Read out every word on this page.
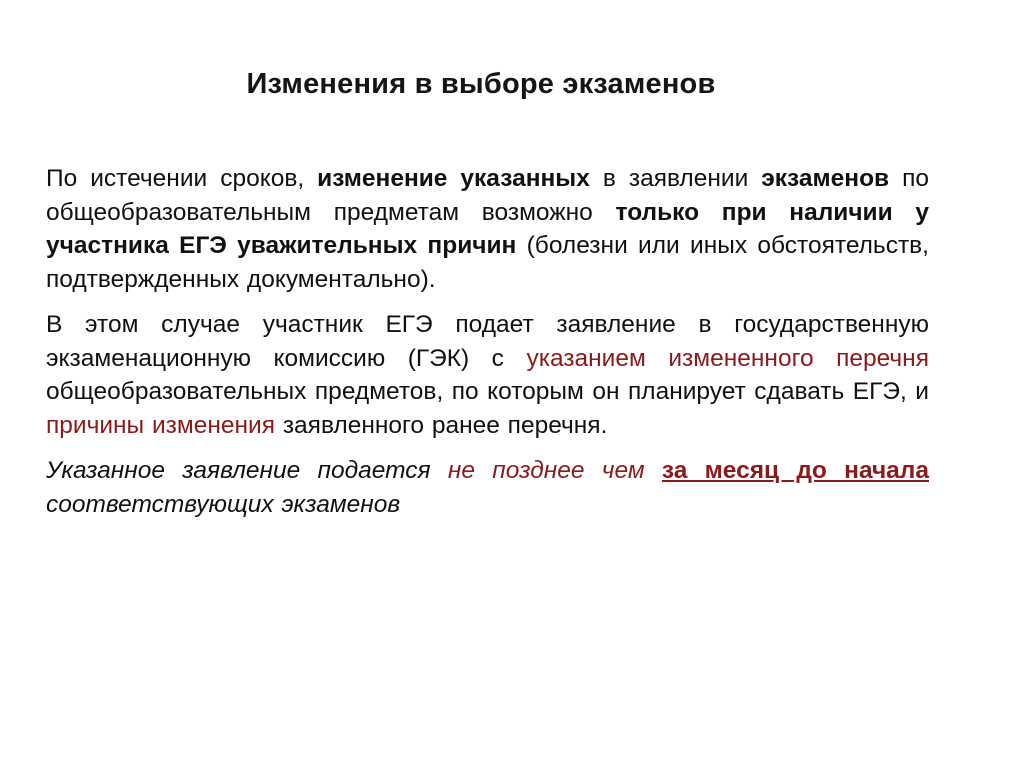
Изменения в выборе экзаменов

По истечении сроков, изменение указанных в заявлении экзаменов по общеобразовательным предметам возможно только при наличии у участника ЕГЭ уважительных причин (болезни или иных обстоятельств, подтвержденных документально).

В этом случае участник ЕГЭ подает заявление в государственную экзаменационную комиссию (ГЭК) с указанием измененного перечня общеобразовательных предметов, по которым он планирует сдавать ЕГЭ, и причины изменения заявленного ранее перечня.

Указанное заявление подается не позднее чем за месяц до начала соответствующих экзаменов
